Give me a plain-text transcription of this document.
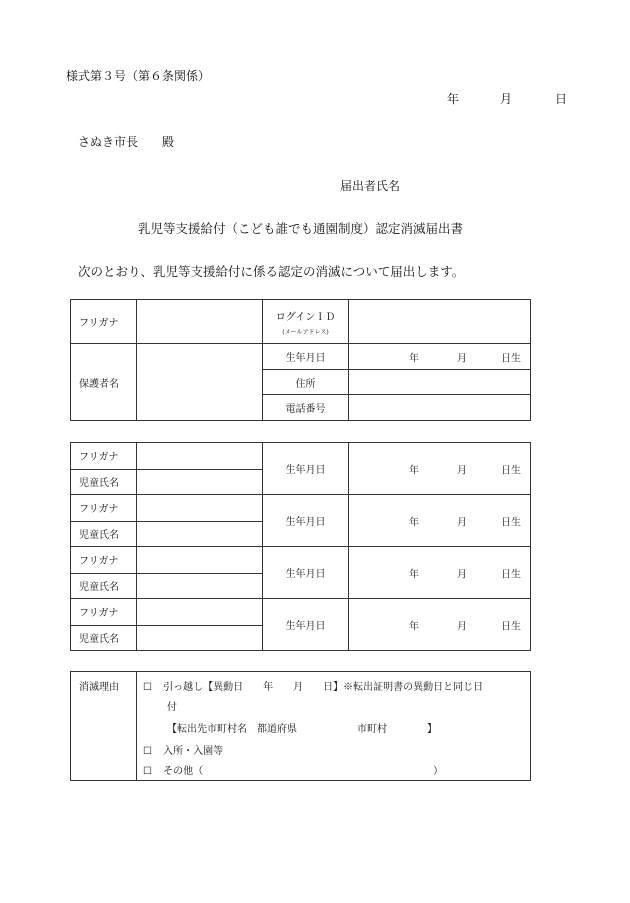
様式第３号（第６条関係）
年	月	日
さぬき市長　　殿
届出者氏名
乳児等支援給付（こども誰でも通園制度）認定消滅届出書
次のとおり、乳児等支援給付に係る認定の消滅について届出します。
フリガナ		ログインＩＤ
(メールアドレス)	

保護者名		生年月日	年 月 日生

		住所	
		電話番号	
フリガナ		生年月日	年 月 日生

児童氏名			
フリガナ		生年月日	年 月 日生

児童氏名			
フリガナ		生年月日	年 月 日生

児童氏名			
フリガナ		生年月日	年 月 日生

児童氏名			
消滅理由	☐ 引っ越し【異動日　　年　　月　　日】※転出証明書の異動日と同じ日
付
【転出先市町村名　都道府県　　　　　　市町村　　　　】
☐ 入所・入園等
☐ その他（　　　　　　　　　　　　　　　　　　　　　　　）
